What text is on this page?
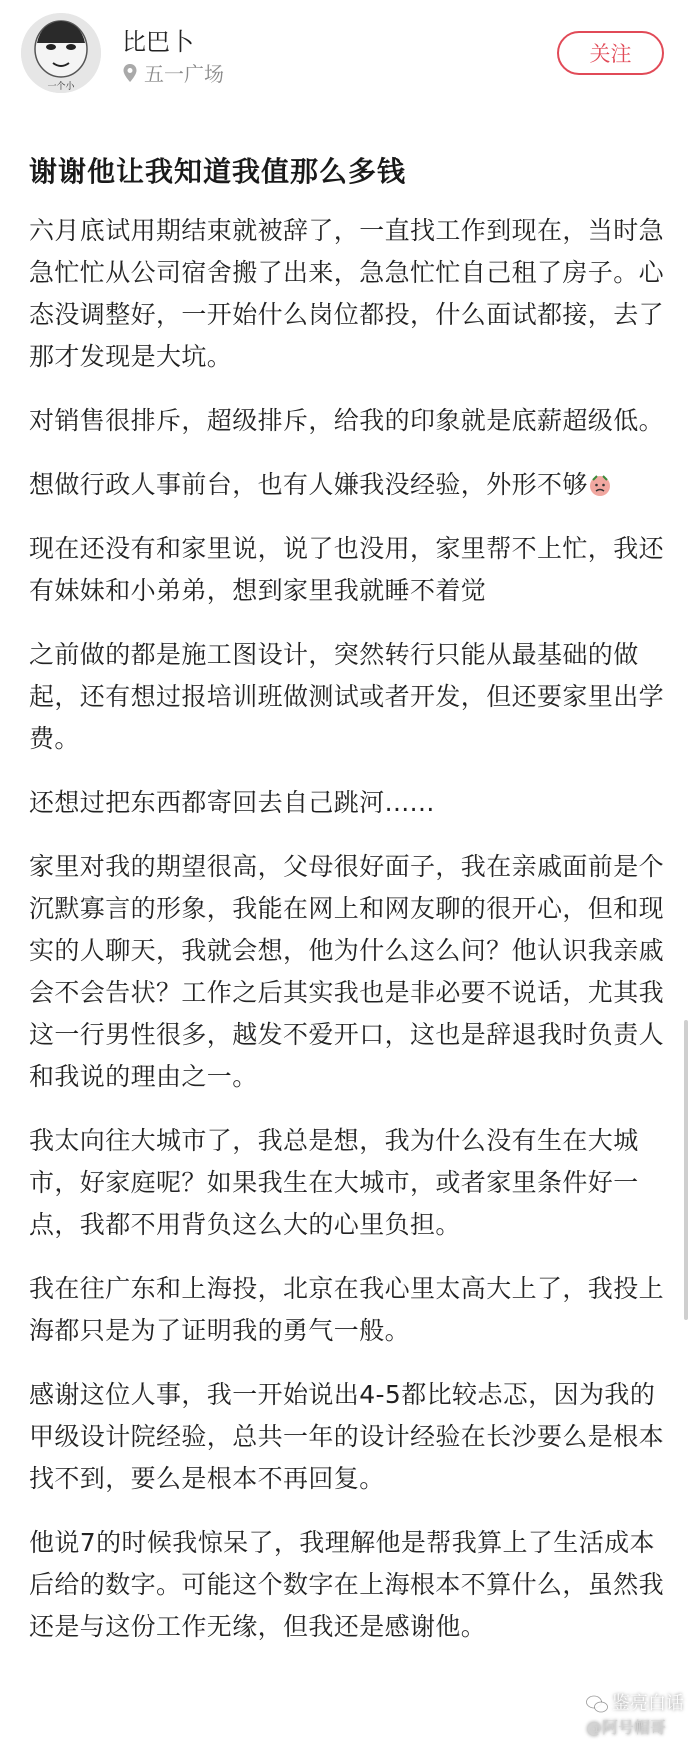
一个小
比巴卜
五一广场
关注
谢谢他让我知道我值那么多钱

六月底试用期结束就被辞了，一直找工作到现在，当时急急忙忙从公司宿舍搬了出来，急急忙忙自己租了房子。心态没调整好，一开始什么岗位都投，什么面试都接，去了那才发现是大坑。

对销售很排斥，超级排斥，给我的印象就是底薪超级低。

想做行政人事前台，也有人嫌我没经验，外形不够

现在还没有和家里说，说了也没用，家里帮不上忙，我还有妹妹和小弟弟，想到家里我就睡不着觉

之前做的都是施工图设计，突然转行只能从最基础的做起，还有想过报培训班做测试或者开发，但还要家里出学费。

还想过把东西都寄回去自己跳河......

家里对我的期望很高，父母很好面子，我在亲戚面前是个沉默寡言的形象，我能在网上和网友聊的很开心，但和现实的人聊天，我就会想，他为什么这么问？他认识我亲戚会不会告状？工作之后其实我也是非必要不说话，尤其我这一行男性很多，越发不爱开口，这也是辞退我时负责人和我说的理由之一。

我太向往大城市了，我总是想，我为什么没有生在大城市，好家庭呢？如果我生在大城市，或者家里条件好一点，我都不用背负这么大的心里负担。

我在往广东和上海投，北京在我心里太高大上了，我投上海都只是为了证明我的勇气一般。

感谢这位人事，我一开始说出4-5都比较忐忑，因为我的甲级设计院经验，总共一年的设计经验在长沙要么是根本找不到，要么是根本不再回复。

他说7的时候我惊呆了，我理解他是帮我算上了生活成本后给的数字。可能这个数字在上海根本不算什么，虽然我还是与这份工作无缘，但我还是感谢他。

鉴亮白话
@阿号帽哥
